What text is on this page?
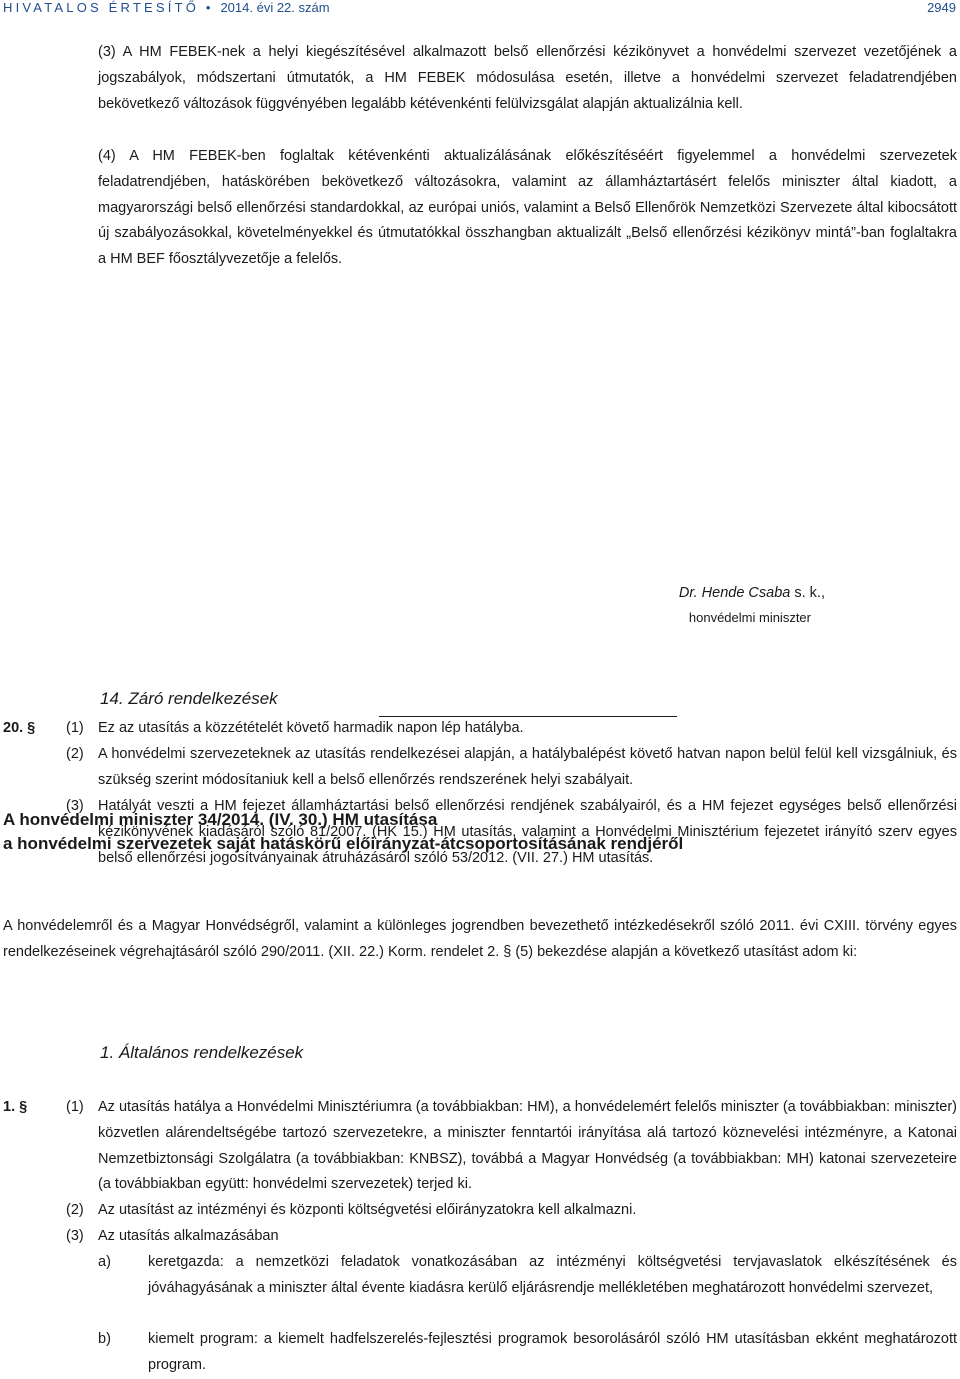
HIVATALOS ÉRTESÍTŐ • 2014. évi 22. szám	2949
(3) A HM FEBEK-nek a helyi kiegészítésével alkalmazott belső ellenőrzési kézikönyvet a honvédelmi szervezet vezetőjének a jogszabályok, módszertani útmutatók, a HM FEBEK módosulása esetén, illetve a honvédelmi szervezet feladatrendjében bekövetkező változások függvényében legalább kétévenkénti felülvizsgálat alapján aktualizálnia kell.
(4) A HM FEBEK-ben foglaltak kétévenkénti aktualizálásának előkészítéséért figyelemmel a honvédelmi szervezetek feladatrendjében, hatáskörében bekövetkező változásokra, valamint az államháztartásért felelős miniszter által kiadott, a magyarországi belső ellenőrzési standardokkal, az európai uniós, valamint a Belső Ellenőrök Nemzetközi Szervezete által kibocsátott új szabályozásokkal, követelményekkel és útmutatókkal összhangban aktualizált „Belső ellenőrzési kézikönyv mintá”-ban foglaltakra a HM BEF főosztályvezetője a felelős.
14. Záró rendelkezések
20. § (1) Ez az utasítás a közzétételét követő harmadik napon lép hatályba.
(2) A honvédelmi szervezeteknek az utasítás rendelkezései alapján, a hatálybalépést követő hatvan napon belül felül kell vizsgálniuk, és szükség szerint módosítaniuk kell a belső ellenőrzés rendszerének helyi szabályait.
(3) Hatályát veszti a HM fejezet államháztartási belső ellenőrzési rendjének szabályairól, és a HM fejezet egységes belső ellenőrzési kézikönyvének kiadásáról szóló 81/2007. (HK 15.) HM utasítás, valamint a Honvédelmi Minisztérium fejezetet irányító szerv egyes belső ellenőrzési jogosítványainak átruházásáról szóló 53/2012. (VII. 27.) HM utasítás.
Dr. Hende Csaba s. k.,
honvédelmi miniszter
A honvédelmi miniszter 34/2014. (IV. 30.) HM utasítása
a honvédelmi szervezetek saját hatáskörű előirányzat-átcsoportosításának rendjéről
A honvédelemről és a Magyar Honvédségről, valamint a különleges jogrendben bevezethető intézkedésekről szóló 2011. évi CXIII. törvény egyes rendelkezéseinek végrehajtásáról szóló 290/2011. (XII. 22.) Korm. rendelet 2. § (5) bekezdése alapján a következő utasítást adom ki:
1. Általános rendelkezések
1. §	(1) Az utasítás hatálya a Honvédelmi Minisztériumra (a továbbiakban: HM), a honvédelemért felelős miniszter (a továbbiakban: miniszter) közvetlen alárendeltségébe tartozó szervezetekre, a miniszter fenntartói irányítása alá tartozó köznevelési intézményre, a Katonai Nemzetbiztonsági Szolgálatra (a továbbiakban: KNBSZ), továbbá a Magyar Honvédség (a továbbiakban: MH) katonai szervezeteire (a továbbiakban együtt: honvédelmi szervezetek) terjed ki.
(2) Az utasítást az intézményi és központi költségvetési előirányzatokra kell alkalmazni.
(3) Az utasítás alkalmazásában
a)	keretgazda: a nemzetközi feladatok vonatkozásában az intézményi költségvetési tervjavaslatok elkészítésének és jóváhagyásának a miniszter által évente kiadásra kerülő eljárásrendje mellékletében meghatározott honvédelmi szervezet,
b)	kiemelt program: a kiemelt hadfelszerelés-fejlesztési programok besorolásáról szóló HM utasításban ekként meghatározott program.
